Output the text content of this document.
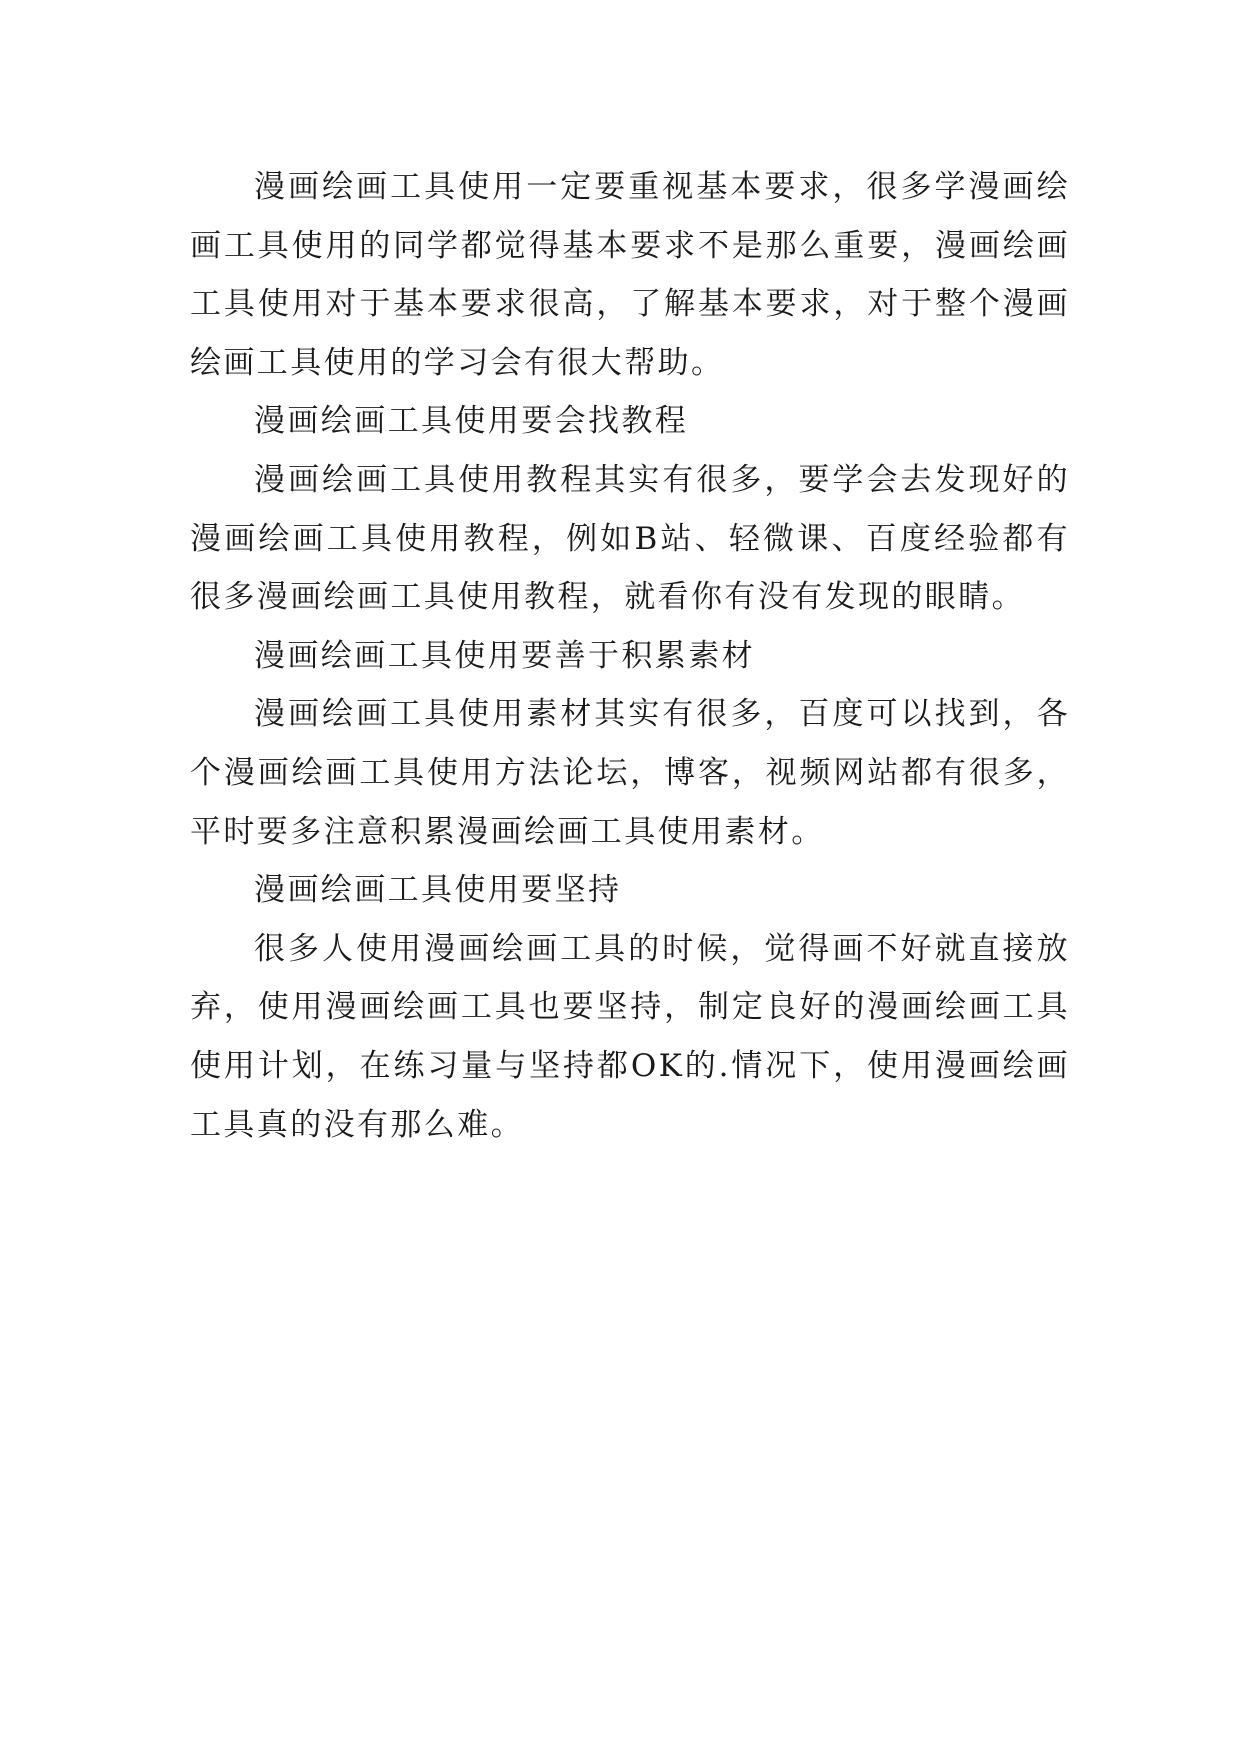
漫画绘画工具使用一定要重视基本要求，很多学漫画绘画工具使用的同学都觉得基本要求不是那么重要，漫画绘画工具使用对于基本要求很高，了解基本要求，对于整个漫画绘画工具使用的学习会有很大帮助。

漫画绘画工具使用要会找教程

漫画绘画工具使用教程其实有很多，要学会去发现好的漫画绘画工具使用教程，例如B站、轻微课、百度经验都有很多漫画绘画工具使用教程，就看你有没有发现的眼睛。

漫画绘画工具使用要善于积累素材

漫画绘画工具使用素材其实有很多，百度可以找到，各个漫画绘画工具使用方法论坛，博客，视频网站都有很多，平时要多注意积累漫画绘画工具使用素材。

漫画绘画工具使用要坚持

很多人使用漫画绘画工具的时候，觉得画不好就直接放弃，使用漫画绘画工具也要坚持，制定良好的漫画绘画工具使用计划，在练习量与坚持都OK的.情况下，使用漫画绘画工具真的没有那么难。
